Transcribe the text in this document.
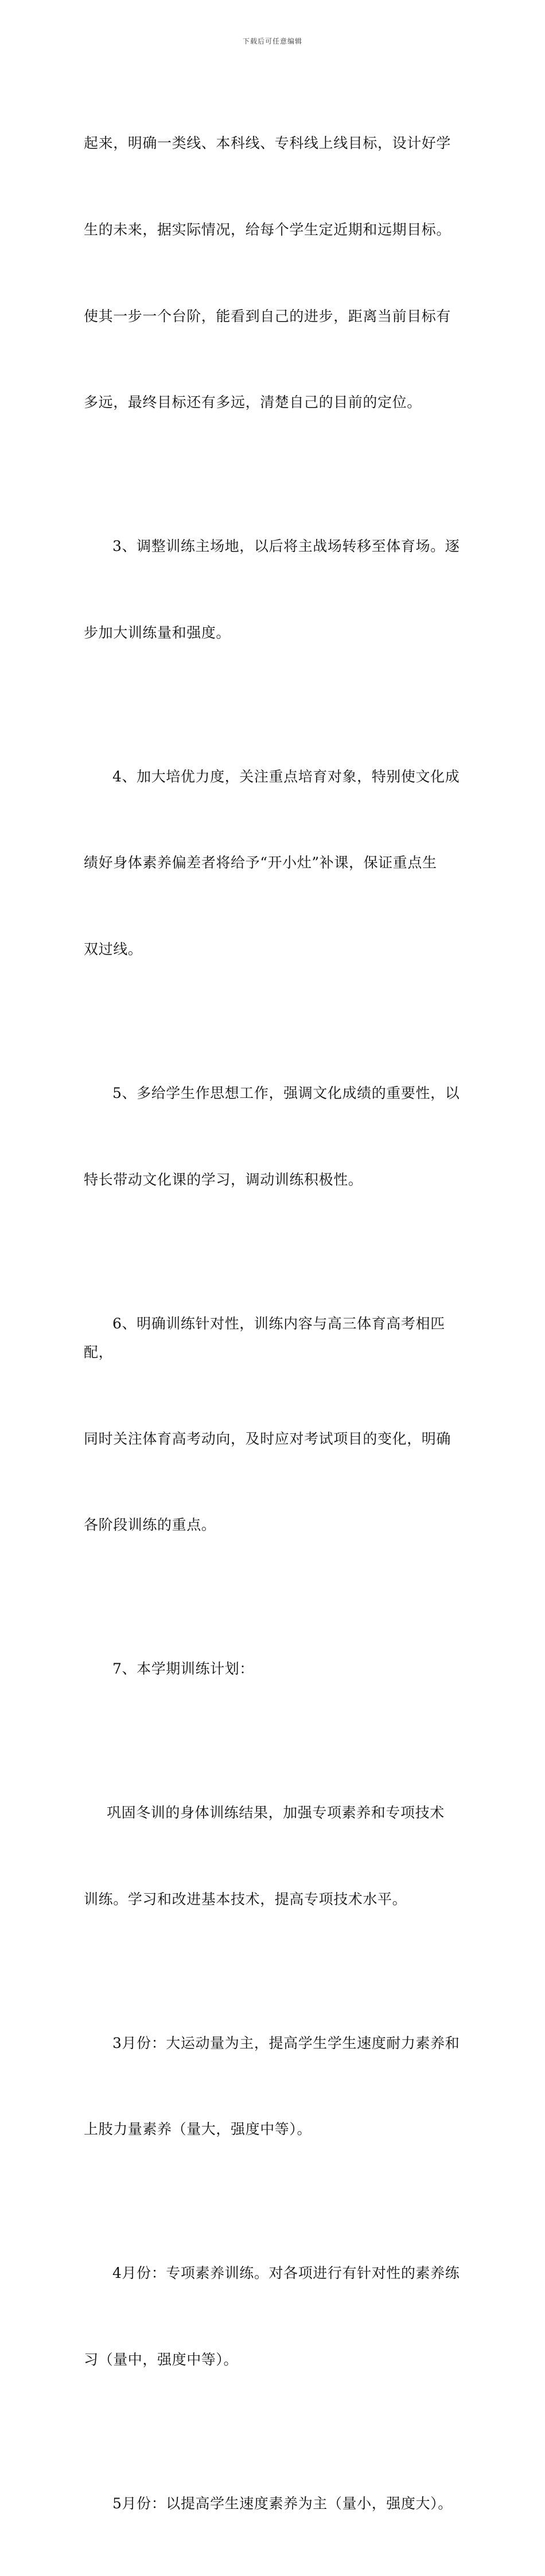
下载后可任意编辑

起来，明确一类线、本科线、专科线上线目标，设计好学

生的未来，据实际情况，给每个学生定近期和远期目标。

使其一步一个台阶，能看到自己的进步，距离当前目标有

多远，最终目标还有多远，清楚自己的目前的定位。

3、调整训练主场地，以后将主战场转移至体育场。逐

步加大训练量和强度。

4、加大培优力度，关注重点培育对象，特别使文化成

绩好身体素养偏差者将给予“开小灶”补课，保证重点生

双过线。

5、多给学生作思想工作，强调文化成绩的重要性，以

特长带动文化课的学习，调动训练积极性。

6、明确训练针对性，训练内容与高三体育高考相匹配，

同时关注体育高考动向，及时应对考试项目的变化，明确

各阶段训练的重点。

7、本学期训练计划：

巩固冬训的身体训练结果，加强专项素养和专项技术

训练。学习和改进基本技术，提高专项技术水平。

3月份：大运动量为主，提高学生学生速度耐力素养和

上肢力量素养（量大，强度中等）。

4月份：专项素养训练。对各项进行有针对性的素养练

习（量中，强度中等）。

5月份：以提高学生速度素养为主（量小，强度大）。
